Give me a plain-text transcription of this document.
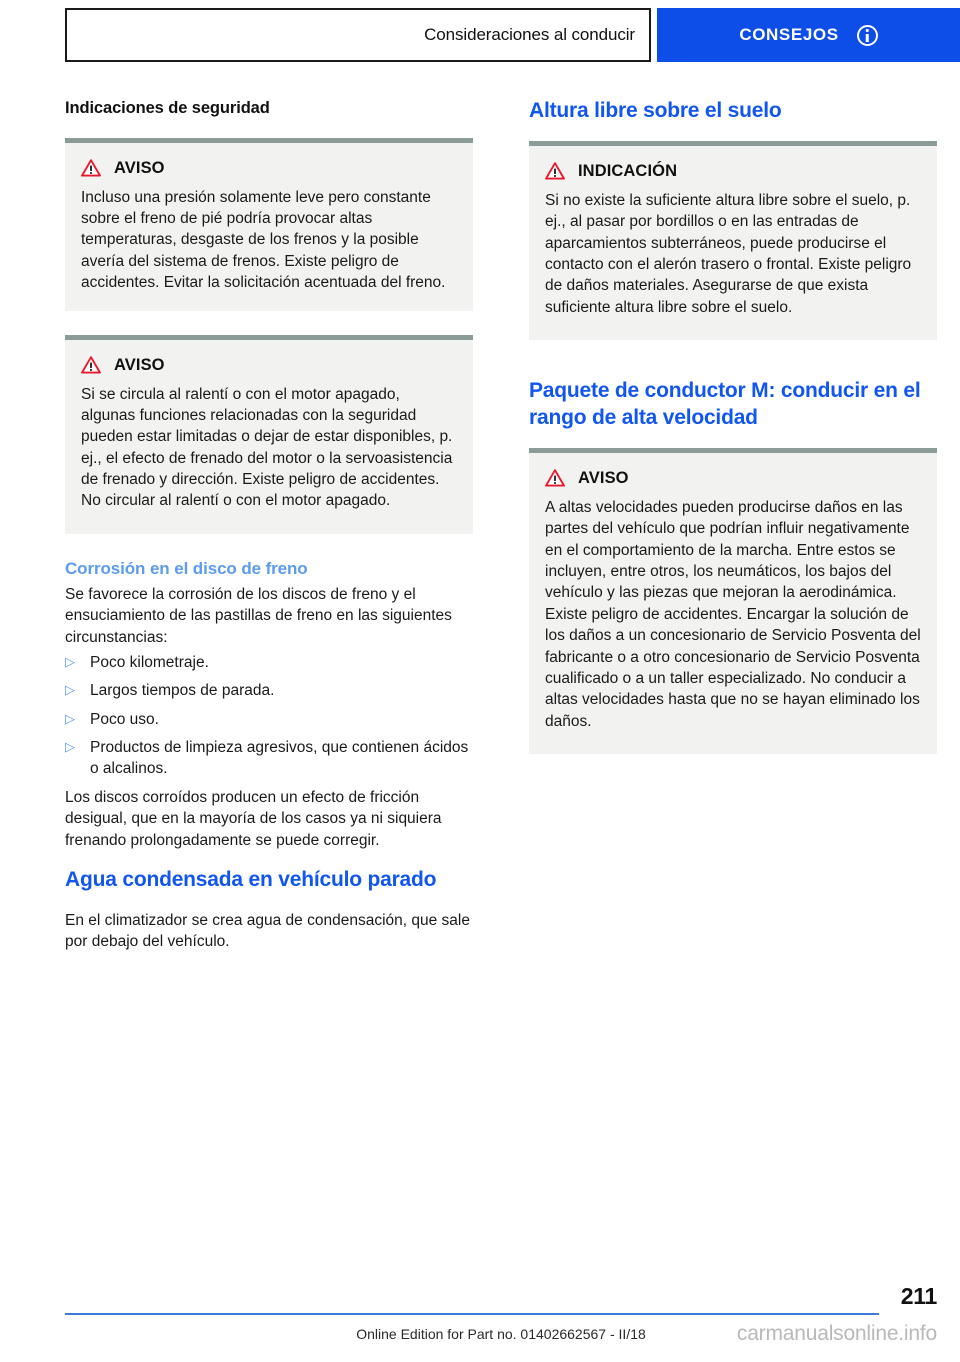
Consideraciones al conducir	CONSEJOS
Indicaciones de seguridad
AVISO

Incluso una presión solamente leve pero constante sobre el freno de pié podría provocar altas temperaturas, desgaste de los frenos y la posible avería del sistema de frenos. Existe peligro de accidentes. Evitar la solicitación acentuada del freno.

AVISO

Si se circula al ralentí o con el motor apagado, algunas funciones relacionadas con la seguridad pueden estar limitadas o dejar de estar disponibles, p. ej., el efecto de frenado del motor o la servoasistencia de frenado y dirección. Existe peligro de accidentes. No circular al ralentí o con el motor apagado.

Corrosión en el disco de freno

Se favorece la corrosión de los discos de freno y el ensuciamiento de las pastillas de freno en las siguientes circunstancias:

▷ Poco kilometraje.
▷ Largos tiempos de parada.
▷ Poco uso.
▷ Productos de limpieza agresivos, que contienen ácidos o alcalinos.

Los discos corroídos producen un efecto de fricción desigual, que en la mayoría de los casos ya ni siquiera frenando prolongadamente se puede corregir.

Agua condensada en vehículo parado

En el climatizador se crea agua de condensación, que sale por debajo del vehículo.

Altura libre sobre el suelo
INDICACIÓN

Si no existe la suficiente altura libre sobre el suelo, p. ej., al pasar por bordillos o en las entradas de aparcamientos subterráneos, puede producirse el contacto con el alerón trasero o frontal. Existe peligro de daños materiales. Asegurarse de que exista suficiente altura libre sobre el suelo.

Paquete de conductor M: conducir en el rango de alta velocidad
AVISO

A altas velocidades pueden producirse daños en las partes del vehículo que podrían influir negativamente en el comportamiento de la marcha. Entre estos se incluyen, entre otros, los neumáticos, los bajos del vehículo y las piezas que mejoran la aerodinámica. Existe peligro de accidentes. Encargar la solución de los daños a un concesionario de Servicio Posventa del fabricante o a otro concesionario de Servicio Posventa cualificado o a un taller especializado. No conducir a altas velocidades hasta que no se hayan eliminado los daños.

211
Online Edition for Part no. 01402662567 - II/18	carmanualsonline.info
